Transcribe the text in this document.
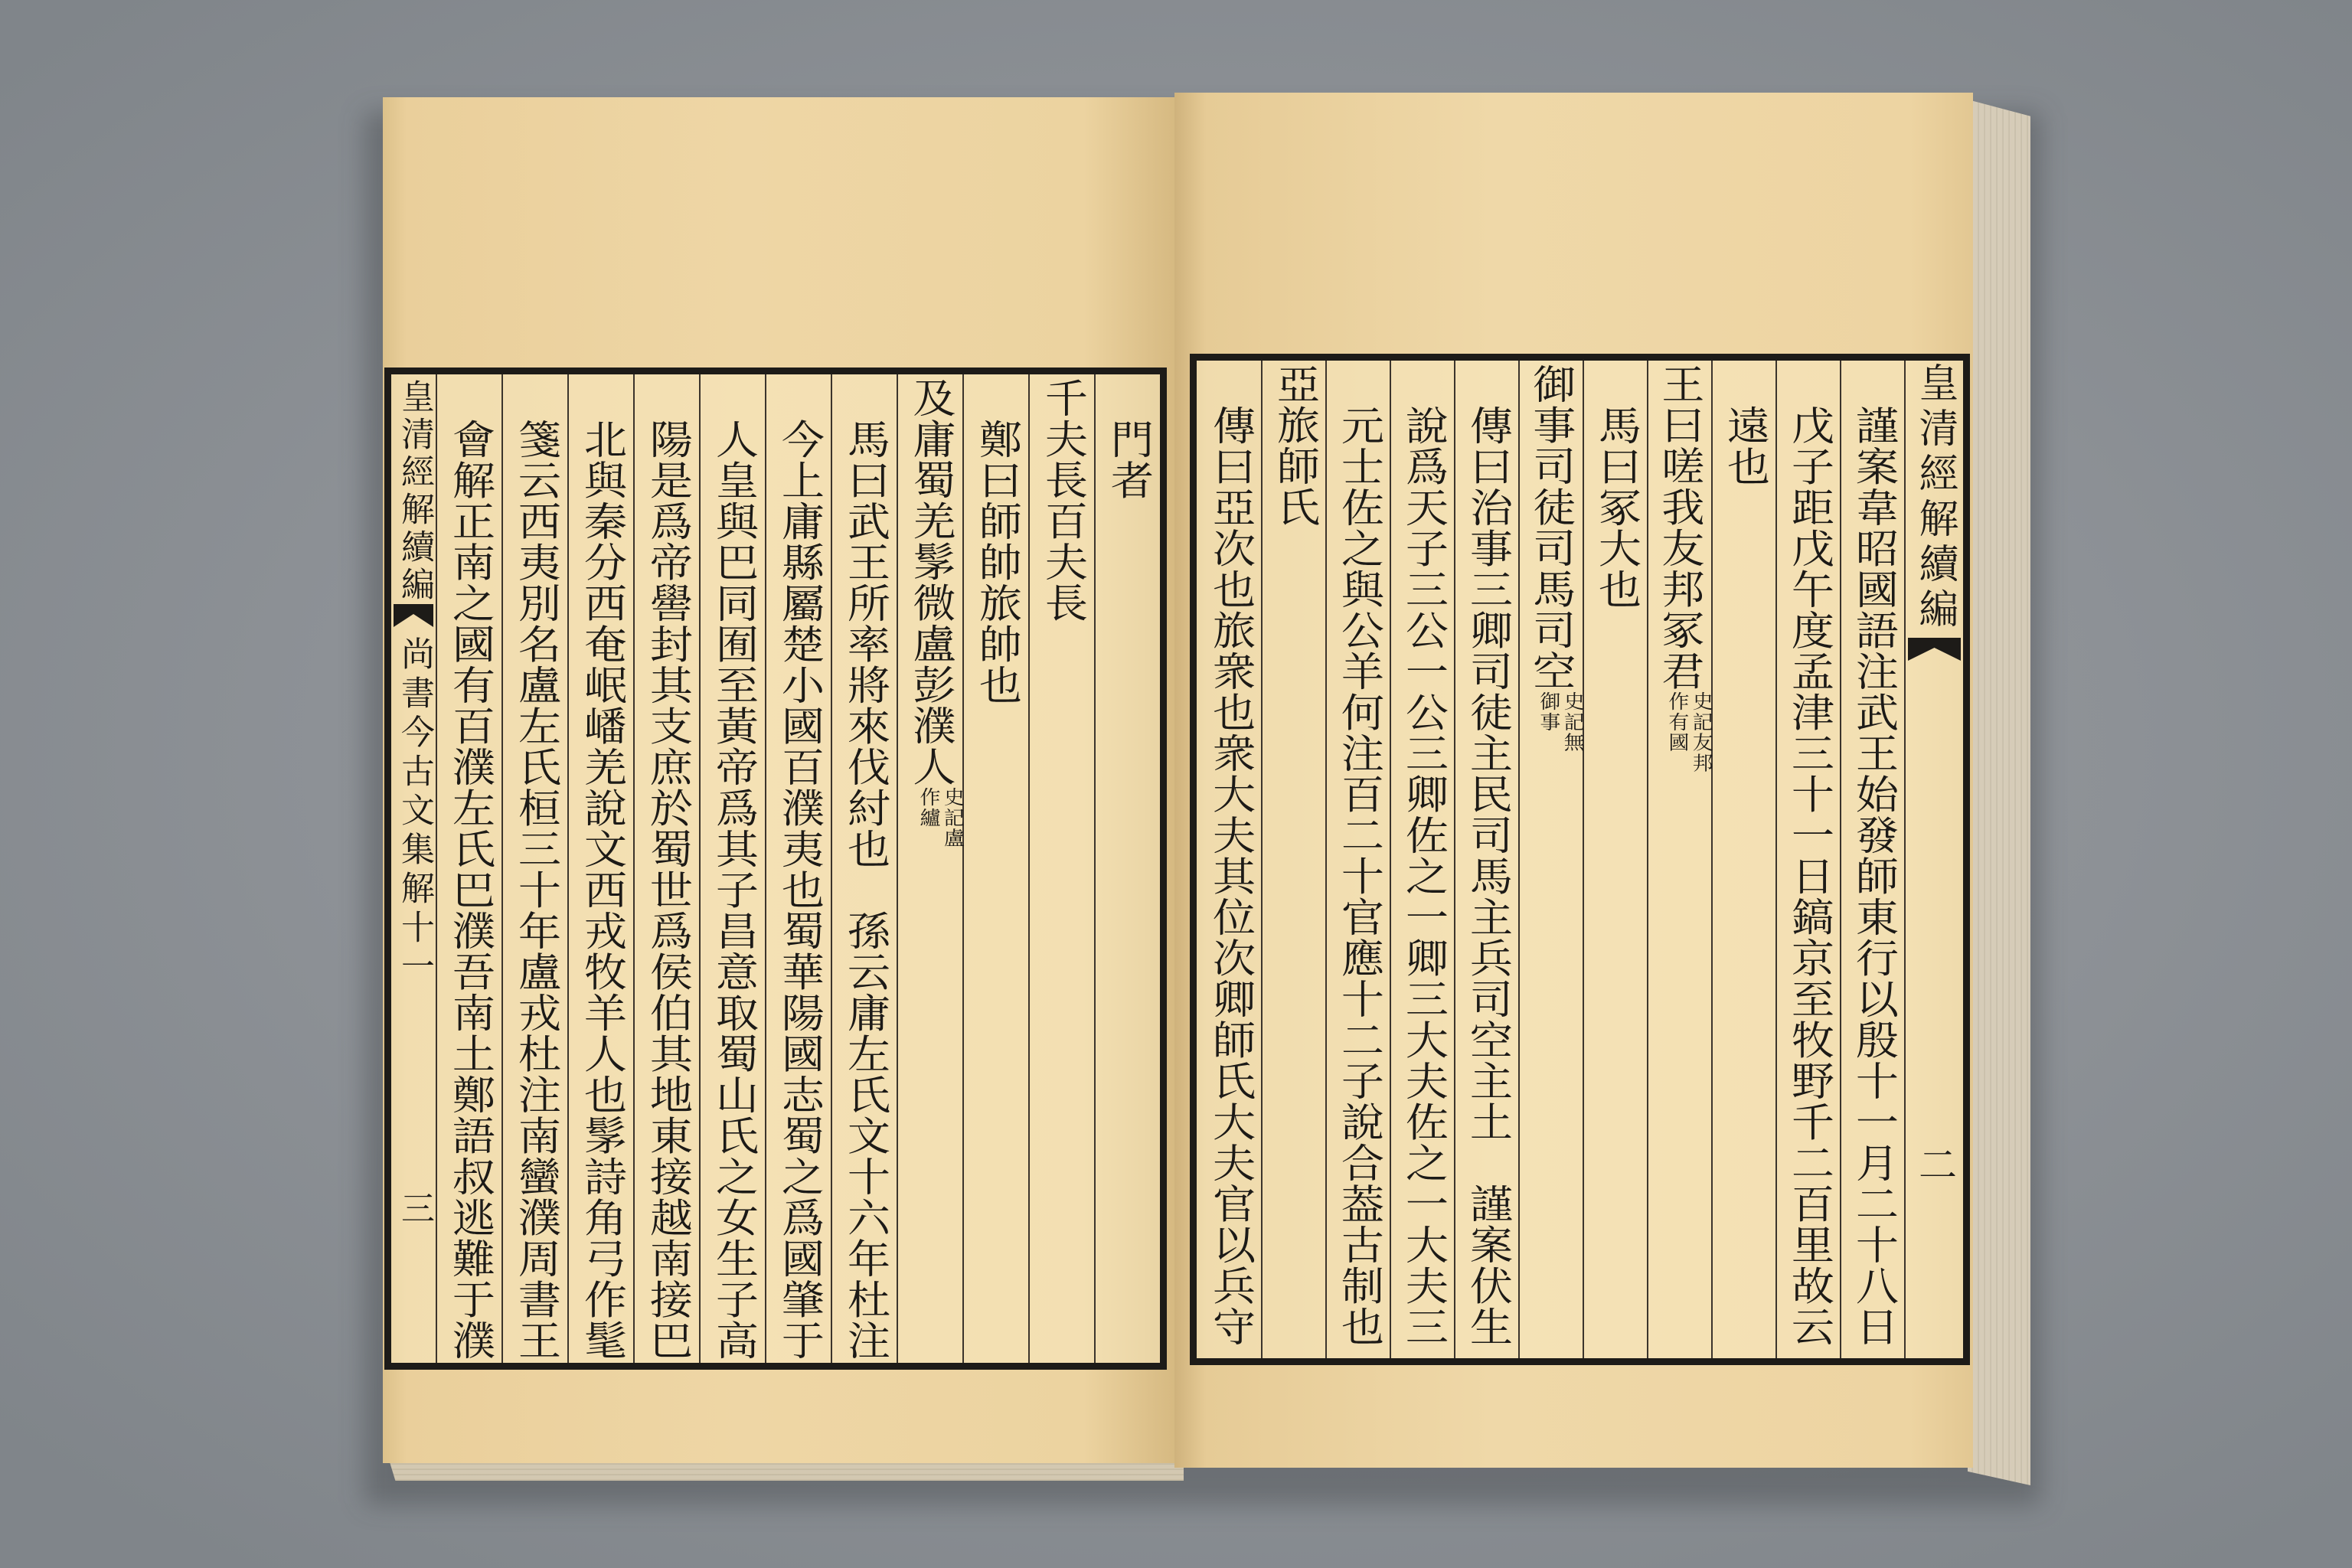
門者
千夫長百夫長
鄭曰師帥旅帥也
及庸蜀羌髳微盧彭濮人史記盧作纑
馬曰武王所率將來伐紂也　孫云庸左氏文十六年杜注
今上庸縣屬楚小國百濮夷也蜀華陽國志蜀之爲國肇于
人皇與巴同囿至黃帝爲其子昌意取蜀山氏之女生子高
陽是爲帝嚳封其支庶於蜀世爲侯伯其地東接越南接巴
北與秦分西奄岷嶓羌說文西戎牧羊人也髳詩角弓作髦
箋云西夷別名盧左氏桓三十年盧戎杜注南蠻濮周書王
會解正南之國有百濮左氏巴濮吾南土鄭語叔逃難于濮
皇清經解續編
尚書今古文集解十一
三
皇清經解續編
二
謹案韋昭國語注武王始發師東行以殷十一月二十八日
戊子距戊午度孟津三十一日鎬京至牧野千二百里故云
遠也
王曰嗟我友邦冢君史記友邦作有國
馬曰冢大也
御事司徒司馬司空史記無御事
傳曰治事三卿司徒主民司馬主兵司空主土　謹案伏生
說爲天子三公一公三卿佐之一卿三大夫佐之一大夫三
元士佐之與公羊何注百二十官應十二子說合葢古制也
亞旅師氏
傳曰亞次也旅衆也衆大夫其位次卿師氏大夫官以兵守
